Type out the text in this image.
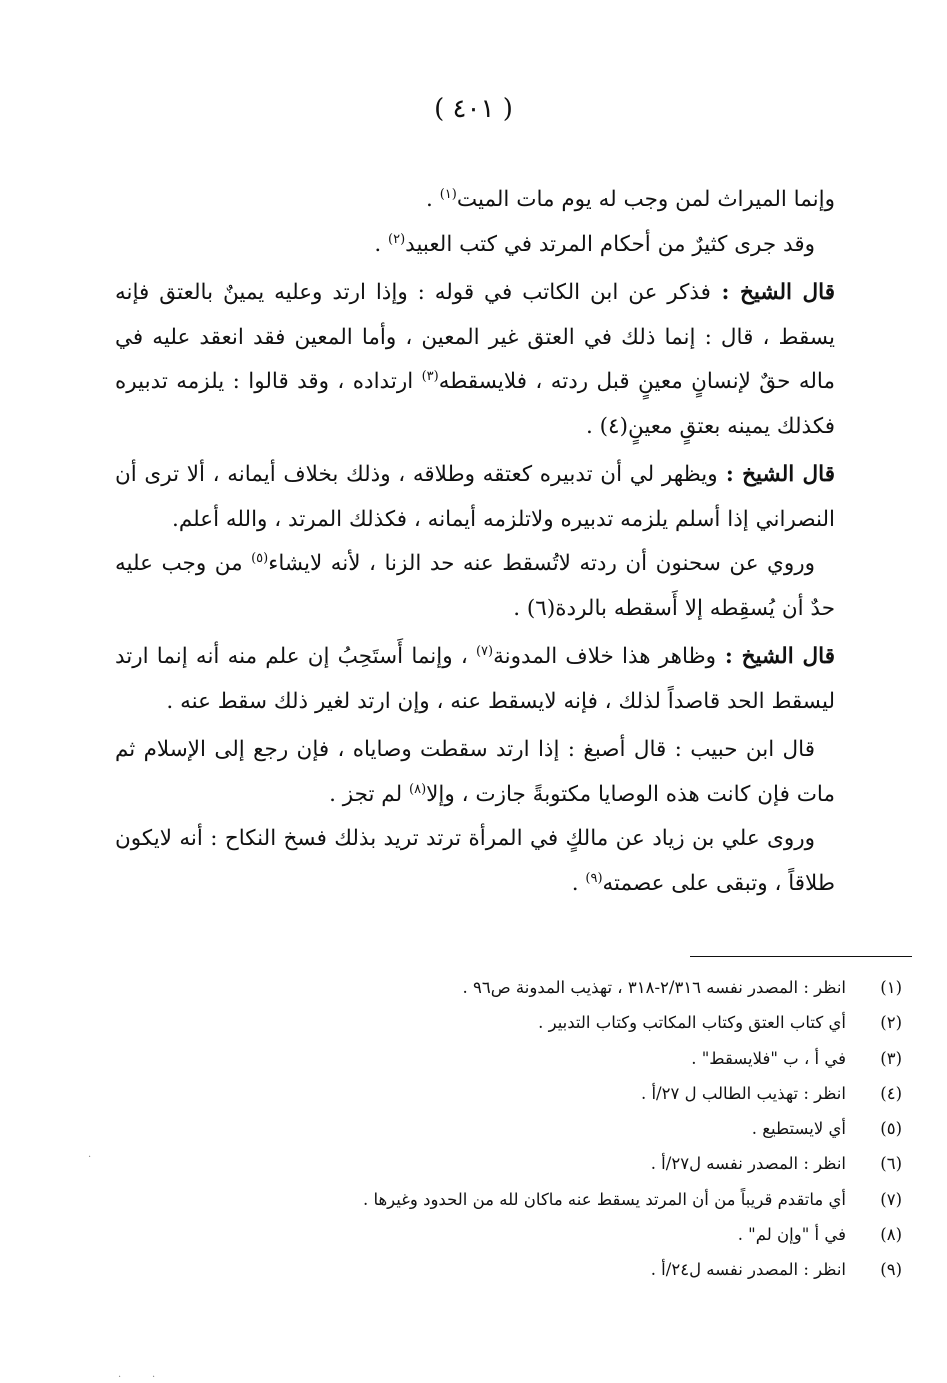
( ٤٠١ )

وإنما الميراث لمن وجب له يوم مات الميت$^{(١)}$ .

وقد جرى كثيرٌ من أحكام المرتد في كتب العبيد$^{(٢)}$ .

قال الشيخ : فذكر عن ابن الكاتب في قوله : وإذا ارتد وعليه يمينٌ بالعتق فإنه يسقط ، قال : إنما ذلك في العتق غير المعين ، وأما المعين فقد انعقد عليه في ماله حقٌ لإنسانٍ معينٍ قبل ردته ، فلايسقطه$^{(٣)}$ ارتداده ، وقد قالوا : يلزمه تدبيره فكذلك يمينه بعتقٍ معينٍ(٤) .

قال الشيخ : ويظهر لي أن تدبيره كعتقه وطلاقه ، وذلك بخلاف أيمانه ، ألا ترى أن النصراني إذا أسلم يلزمه تدبيره ولاتلزمه أيمانه ، فكذلك المرتد ، والله أعلم.

وروي عن سحنون أن ردته لاتُسقط عنه حد الزنا ، لأنه لايشاء$^{(٥)}$ من وجب عليه حدٌ أن يُسقِطه إلا أَسقطه بالردة(٦) .

قال الشيخ : وظاهر هذا خلاف المدونة$^{(٧)}$ ، وإنما أَستَحِبُ إن علم منه أنه إنما ارتد ليسقط الحد قاصداً لذلك ، فإنه لايسقط عنه ، وإن ارتد لغير ذلك سقط عنه .

قال ابن حبيب : قال أصبغ : إذا ارتد سقطت وصاياه ، فإن رجع إلى الإسلام ثم مات فإن كانت هذه الوصايا مكتوبةً جازت ، وإلا$^{(٨)}$ لم تجز .

وروى علي بن زياد عن مالكٍ في المرأة ترتد تريد بذلك فسخ النكاح : أنه لايكون طلاقاً ، وتبقى على عصمته$^{(٩)}$ .

(١)
انظر : المصدر نفسه ٢/٣١٦-٣١٨ ، تهذيب المدونة ص٩٦ .
(٢)
أي كتاب العتق وكتاب المكاتب وكتاب التدبير .
(٣)
في أ ، ب "فلايسقط" .
(٤)
انظر : تهذيب الطالب ل ٢٧/أ .
(٥)
أي لايستطيع .
(٦)
انظر : المصدر نفسه ل٢٧/أ .
(٧)
أي ماتقدم قريباً من أن المرتد يسقط عنه ماكان لله من الحدود وغيرها .
(٨)
في أ "وإن لم" .
(٩)
انظر : المصدر نفسه ل٢٤/أ .
·
·	·
